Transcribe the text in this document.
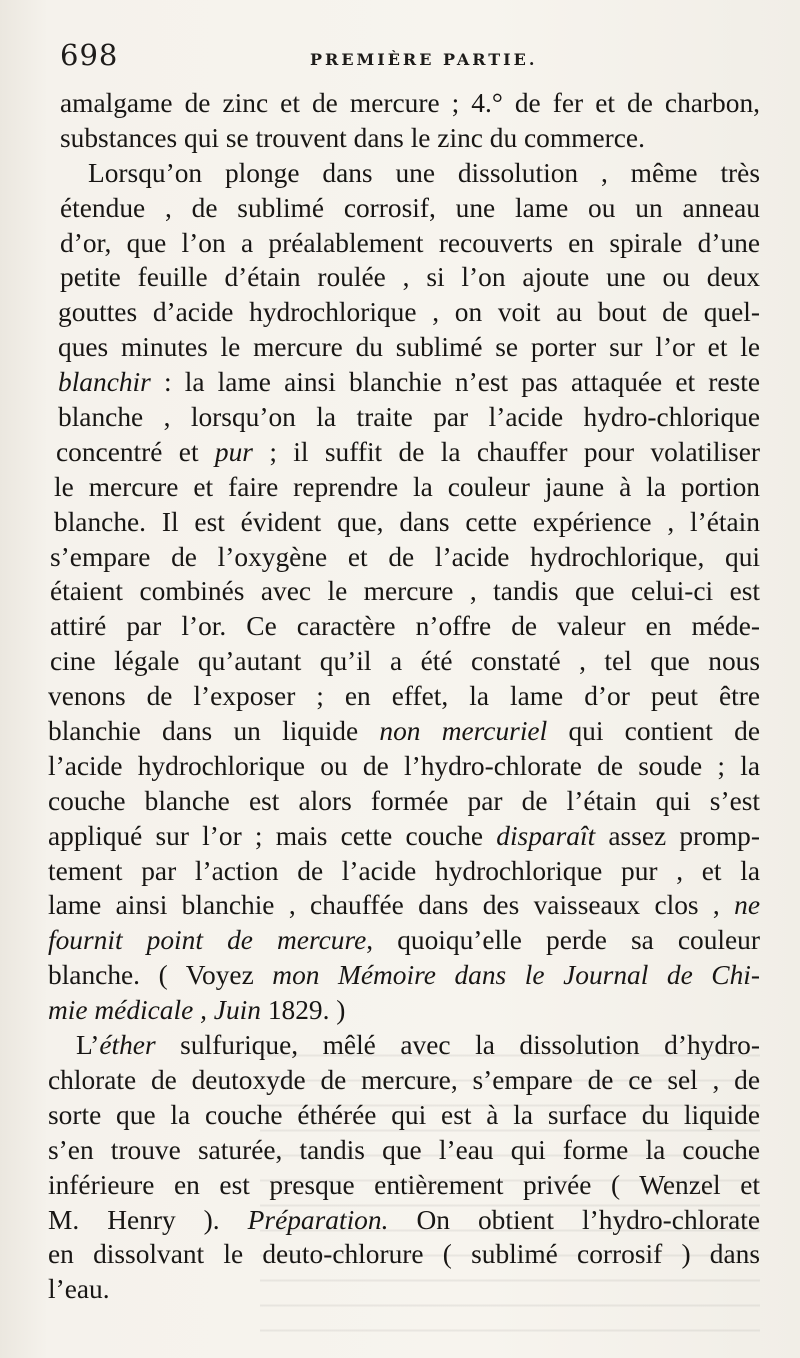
698	PREMIÈRE PARTIE.
amalgame de zinc et de mercure ; 4.° de fer et de charbon,
substances qui se trouvent dans le zinc du commerce.
Lorsqu’on plonge dans une dissolution , même très
étendue , de sublimé corrosif, une lame ou un anneau
d’or, que l’on a préalablement recouverts en spirale d’une
petite feuille d’étain roulée , si l’on ajoute une ou deux
gouttes d’acide hydrochlorique , on voit au bout de quel-
ques minutes le mercure du sublimé se porter sur l’or et le
blanchir : la lame ainsi blanchie n’est pas attaquée et reste
blanche , lorsqu’on la traite par l’acide hydro-chlorique
concentré et pur ; il suffit de la chauffer pour volatiliser
le mercure et faire reprendre la couleur jaune à la portion
blanche. Il est évident que, dans cette expérience , l’étain
s’empare de l’oxygène et de l’acide hydrochlorique, qui
étaient combinés avec le mercure , tandis que celui-ci est
attiré par l’or. Ce caractère n’offre de valeur en méde-
cine légale qu’autant qu’il a été constaté , tel que nous
venons de l’exposer ; en effet, la lame d’or peut être
blanchie dans un liquide non mercuriel qui contient de
l’acide hydrochlorique ou de l’hydro-chlorate de soude ; la
couche blanche est alors formée par de l’étain qui s’est
appliqué sur l’or ; mais cette couche disparaît assez promp-
tement par l’action de l’acide hydrochlorique pur , et la
lame ainsi blanchie , chauffée dans des vaisseaux clos , ne
fournit point de mercure, quoiqu’elle perde sa couleur
blanche. ( Voyez mon Mémoire dans le Journal de Chi-
mie médicale , Juin 1829. )
L’éther sulfurique, mêlé avec la dissolution d’hydro-
chlorate de deutoxyde de mercure, s’empare de ce sel , de
sorte que la couche éthérée qui est à la surface du liquide
s’en trouve saturée, tandis que l’eau qui forme la couche
inférieure en est presque entièrement privée ( Wenzel et
M. Henry ). Préparation. On obtient l’hydro-chlorate
en dissolvant le deuto-chlorure ( sublimé corrosif ) dans
l’eau.
